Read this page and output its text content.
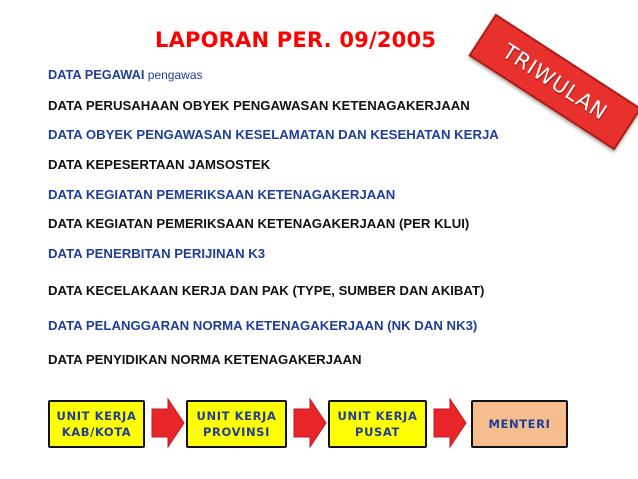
LAPORAN PER. 09/2005	TRIWULAN
DATA PEGAWAI pengawas
DATA PERUSAHAAN OBYEK PENGAWASAN KETENAGAKERJAAN
DATA OBYEK PENGAWASAN KESELAMATAN DAN KESEHATAN KERJA
DATA KEPESERTAAN JAMSOSTEK
DATA KEGIATAN PEMERIKSAAN KETENAGAKERJAAN
DATA KEGIATAN PEMERIKSAAN KETENAGAKERJAAN (PER KLUI)
DATA PENERBITAN PERIJINAN K3
DATA KECELAKAAN KERJA DAN PAK (TYPE, SUMBER DAN AKIBAT)
DATA PELANGGARAN NORMA KETENAGAKERJAAN (NK DAN NK3)
DATA PENYIDIKAN NORMA KETENAGAKERJAAN
UNIT KERJA
KAB/KOTA
UNIT KERJA
PROVINSI
UNIT KERJA
PUSAT
MENTERI
